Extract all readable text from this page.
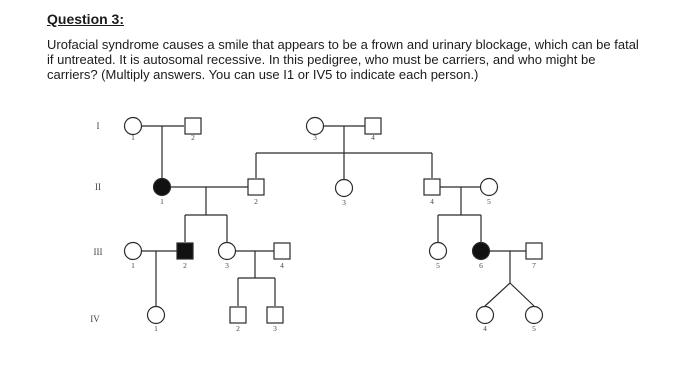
Question 3:

Urofacial syndrome causes a smile that appears to be a frown and urinary blockage, which can be fatal if untreated. It is autosomal recessive. In this pedigree, who must be carriers, and who might be carriers? (Multiply answers. You can use I1 or IV5 to indicate each person.)

1	2	3	4
1	2	3	4	5
1	2	3	4	5	6	7
1	2	3	4	5
I
II
III
IV
